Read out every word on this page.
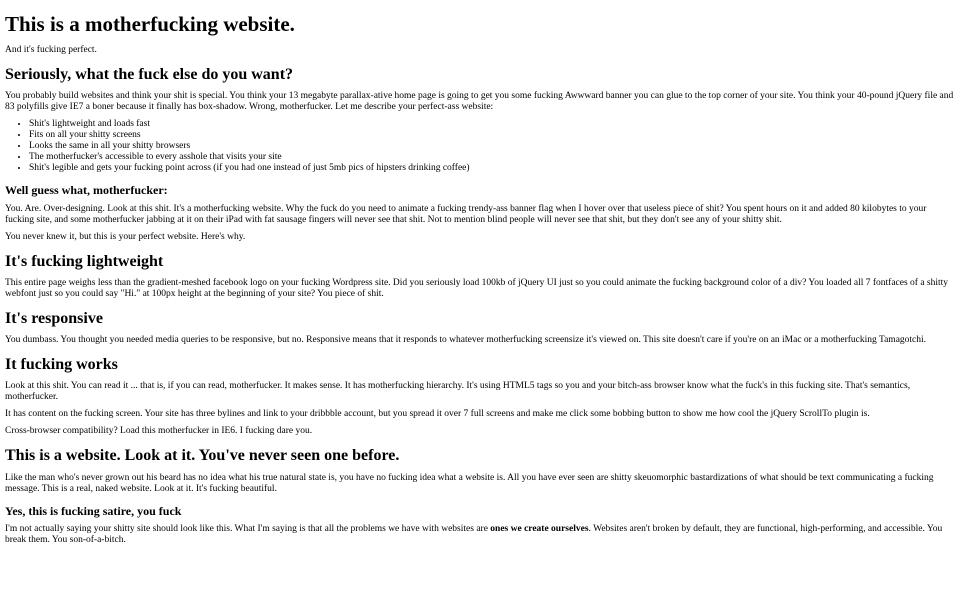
This is a motherfucking website.

And it's fucking perfect.

Seriously, what the fuck else do you want?

You probably build websites and think your shit is special. You think your 13 megabyte parallax-ative home page is going to get you some fucking Awwward banner you can glue to the top corner of your site. You think your 40-pound jQuery file and 83 polyfills give IE7 a boner because it finally has box-shadow. Wrong, motherfucker. Let me describe your perfect-ass website:

• Shit's lightweight and loads fast
• Fits on all your shitty screens
• Looks the same in all your shitty browsers
• The motherfucker's accessible to every asshole that visits your site
• Shit's legible and gets your fucking point across (if you had one instead of just 5mb pics of hipsters drinking coffee)
Well guess what, motherfucker:

You. Are. Over-designing. Look at this shit. It's a motherfucking website. Why the fuck do you need to animate a fucking trendy-ass banner flag when I hover over that useless piece of shit? You spent hours on it and added 80 kilobytes to your fucking site, and some motherfucker jabbing at it on their iPad with fat sausage fingers will never see that shit. Not to mention blind people will never see that shit, but they don't see any of your shitty shit.

You never knew it, but this is your perfect website. Here's why.

It's fucking lightweight

This entire page weighs less than the gradient-meshed facebook logo on your fucking Wordpress site. Did you seriously load 100kb of jQuery UI just so you could animate the fucking background color of a div? You loaded all 7 fontfaces of a shitty webfont just so you could say "Hi." at 100px height at the beginning of your site? You piece of shit.

It's responsive

You dumbass. You thought you needed media queries to be responsive, but no. Responsive means that it responds to whatever motherfucking screensize it's viewed on. This site doesn't care if you're on an iMac or a motherfucking Tamagotchi.

It fucking works

Look at this shit. You can read it ... that is, if you can read, motherfucker. It makes sense. It has motherfucking hierarchy. It's using HTML5 tags so you and your bitch-ass browser know what the fuck's in this fucking site. That's semantics, motherfucker.

It has content on the fucking screen. Your site has three bylines and link to your dribbble account, but you spread it over 7 full screens and make me click some bobbing button to show me how cool the jQuery ScrollTo plugin is.

Cross-browser compatibility? Load this motherfucker in IE6. I fucking dare you.

This is a website. Look at it. You've never seen one before.

Like the man who's never grown out his beard has no idea what his true natural state is, you have no fucking idea what a website is. All you have ever seen are shitty skeuomorphic bastardizations of what should be text communicating a fucking message. This is a real, naked website. Look at it. It's fucking beautiful.

Yes, this is fucking satire, you fuck

I'm not actually saying your shitty site should look like this. What I'm saying is that all the problems we have with websites are ones we create ourselves. Websites aren't broken by default, they are functional, high-performing, and accessible. You break them. You son-of-a-bitch.
